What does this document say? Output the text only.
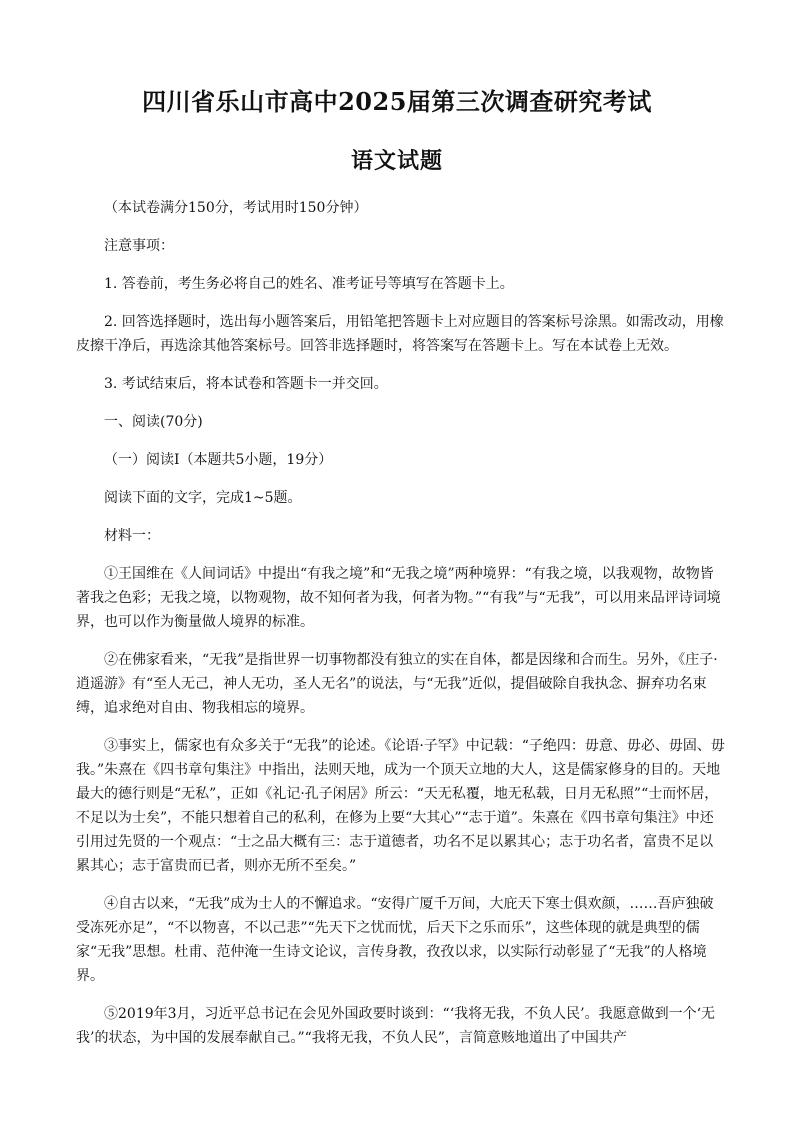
四川省乐山市高中2025届第三次调查研究考试
语文试题

（本试卷满分150分，考试用时150分钟）

注意事项：

1. 答卷前，考生务必将自己的姓名、准考证号等填写在答题卡上。

2. 回答选择题时，选出每小题答案后，用铅笔把答题卡上对应题目的答案标号涂黑。如需改动，用橡皮擦干净后，再选涂其他答案标号。回答非选择题时，将答案写在答题卡上。写在本试卷上无效。

3. 考试结束后，将本试卷和答题卡一并交回。

一、阅读(70分)

（一）阅读Ⅰ（本题共5小题，19分）

阅读下面的文字，完成1~5题。

材料一：

①王国维在《人间词话》中提出“有我之境”和“无我之境”两种境界：“有我之境，以我观物，故物皆著我之色彩；无我之境，以物观物，故不知何者为我，何者为物。”“有我”与“无我”，可以用来品评诗词境界，也可以作为衡量做人境界的标准。

②在佛家看来，“无我”是指世界一切事物都没有独立的实在自体，都是因缘和合而生。另外，《庄子·逍遥游》有“至人无己，神人无功，圣人无名”的说法，与“无我”近似，提倡破除自我执念、摒弃功名束缚，追求绝对自由、物我相忘的境界。

③事实上，儒家也有众多关于“无我”的论述。《论语·子罕》中记载：“子绝四：毋意、毋必、毋固、毋我。”朱熹在《四书章句集注》中指出，法则天地，成为一个顶天立地的大人，这是儒家修身的目的。天地最大的德行则是“无私”，正如《礼记·孔子闲居》所云：“天无私覆，地无私载，日月无私照”“士而怀居，不足以为士矣”，不能只想着自己的私利，在修为上要“大其心”“志于道”。朱熹在《四书章句集注》中还引用过先贤的一个观点：“士之品大概有三：志于道德者，功名不足以累其心；志于功名者，富贵不足以累其心；志于富贵而已者，则亦无所不至矣。”

④自古以来，“无我”成为士人的不懈追求。“安得广厦千万间，大庇天下寒士俱欢颜，……吾庐独破受冻死亦足”，“不以物喜，不以己悲”“先天下之忧而忧，后天下之乐而乐”，这些体现的就是典型的儒家“无我”思想。杜甫、范仲淹一生诗文论议，言传身教，孜孜以求，以实际行动彰显了“无我”的人格境界。

⑤2019年3月，习近平总书记在会见外国政要时谈到：“‘我将无我，不负人民’。我愿意做到一个‘无我’的状态，为中国的发展奉献自己。”“我将无我，不负人民”，言简意赅地道出了中国共产
